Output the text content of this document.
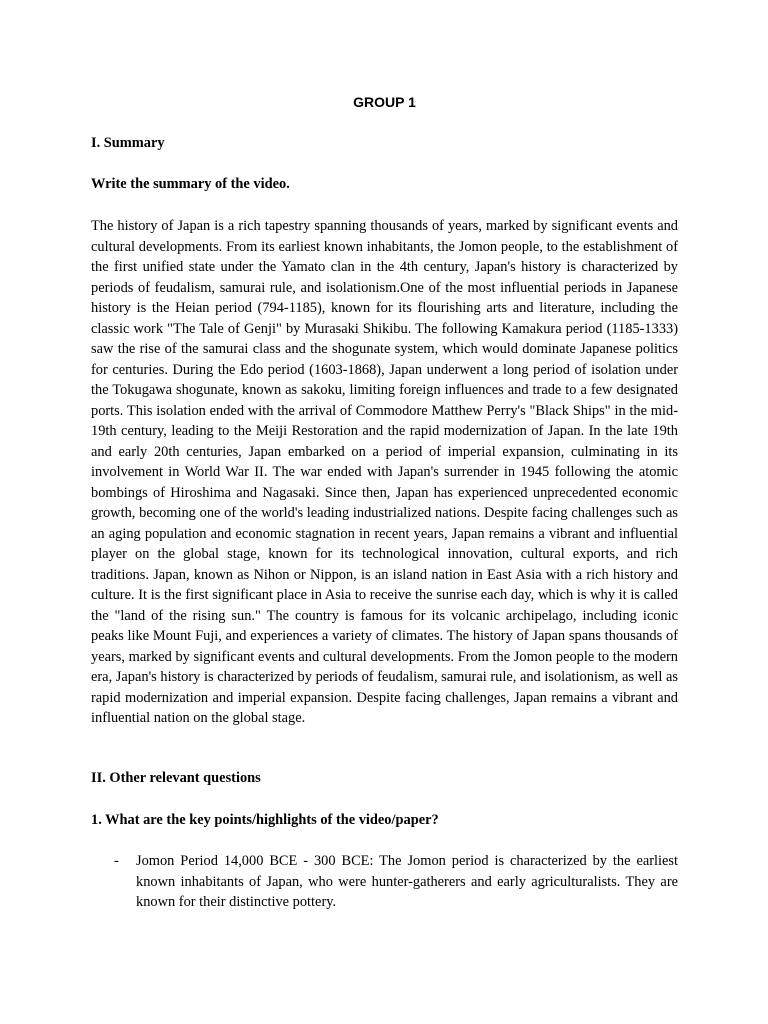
GROUP 1
I. Summary
Write the summary of the video.

The history of Japan is a rich tapestry spanning thousands of years, marked by significant events and cultural developments. From its earliest known inhabitants, the Jomon people, to the establishment of the first unified state under the Yamato clan in the 4th century, Japan's history is characterized by periods of feudalism, samurai rule, and isolationism.One of the most influential periods in Japanese history is the Heian period (794-1185), known for its flourishing arts and literature, including the classic work "The Tale of Genji" by Murasaki Shikibu. The following Kamakura period (1185-1333) saw the rise of the samurai class and the shogunate system, which would dominate Japanese politics for centuries. During the Edo period (1603-1868), Japan underwent a long period of isolation under the Tokugawa shogunate, known as sakoku, limiting foreign influences and trade to a few designated ports. This isolation ended with the arrival of Commodore Matthew Perry's "Black Ships" in the mid-19th century, leading to the Meiji Restoration and the rapid modernization of Japan. In the late 19th and early 20th centuries, Japan embarked on a period of imperial expansion, culminating in its involvement in World War II. The war ended with Japan's surrender in 1945 following the atomic bombings of Hiroshima and Nagasaki. Since then, Japan has experienced unprecedented economic growth, becoming one of the world's leading industrialized nations. Despite facing challenges such as an aging population and economic stagnation in recent years, Japan remains a vibrant and influential player on the global stage, known for its technological innovation, cultural exports, and rich traditions. Japan, known as Nihon or Nippon, is an island nation in East Asia with a rich history and culture. It is the first significant place in Asia to receive the sunrise each day, which is why it is called the "land of the rising sun." The country is famous for its volcanic archipelago, including iconic peaks like Mount Fuji, and experiences a variety of climates. The history of Japan spans thousands of years, marked by significant events and cultural developments. From the Jomon people to the modern era, Japan's history is characterized by periods of feudalism, samurai rule, and isolationism, as well as rapid modernization and imperial expansion. Despite facing challenges, Japan remains a vibrant and influential nation on the global stage.

II. Other relevant questions
1. What are the key points/highlights of the video/paper?
- Jomon Period 14,000 BCE - 300 BCE: The Jomon period is characterized by the earliest known inhabitants of Japan, who were hunter-gatherers and early agriculturalists. They are known for their distinctive pottery.
